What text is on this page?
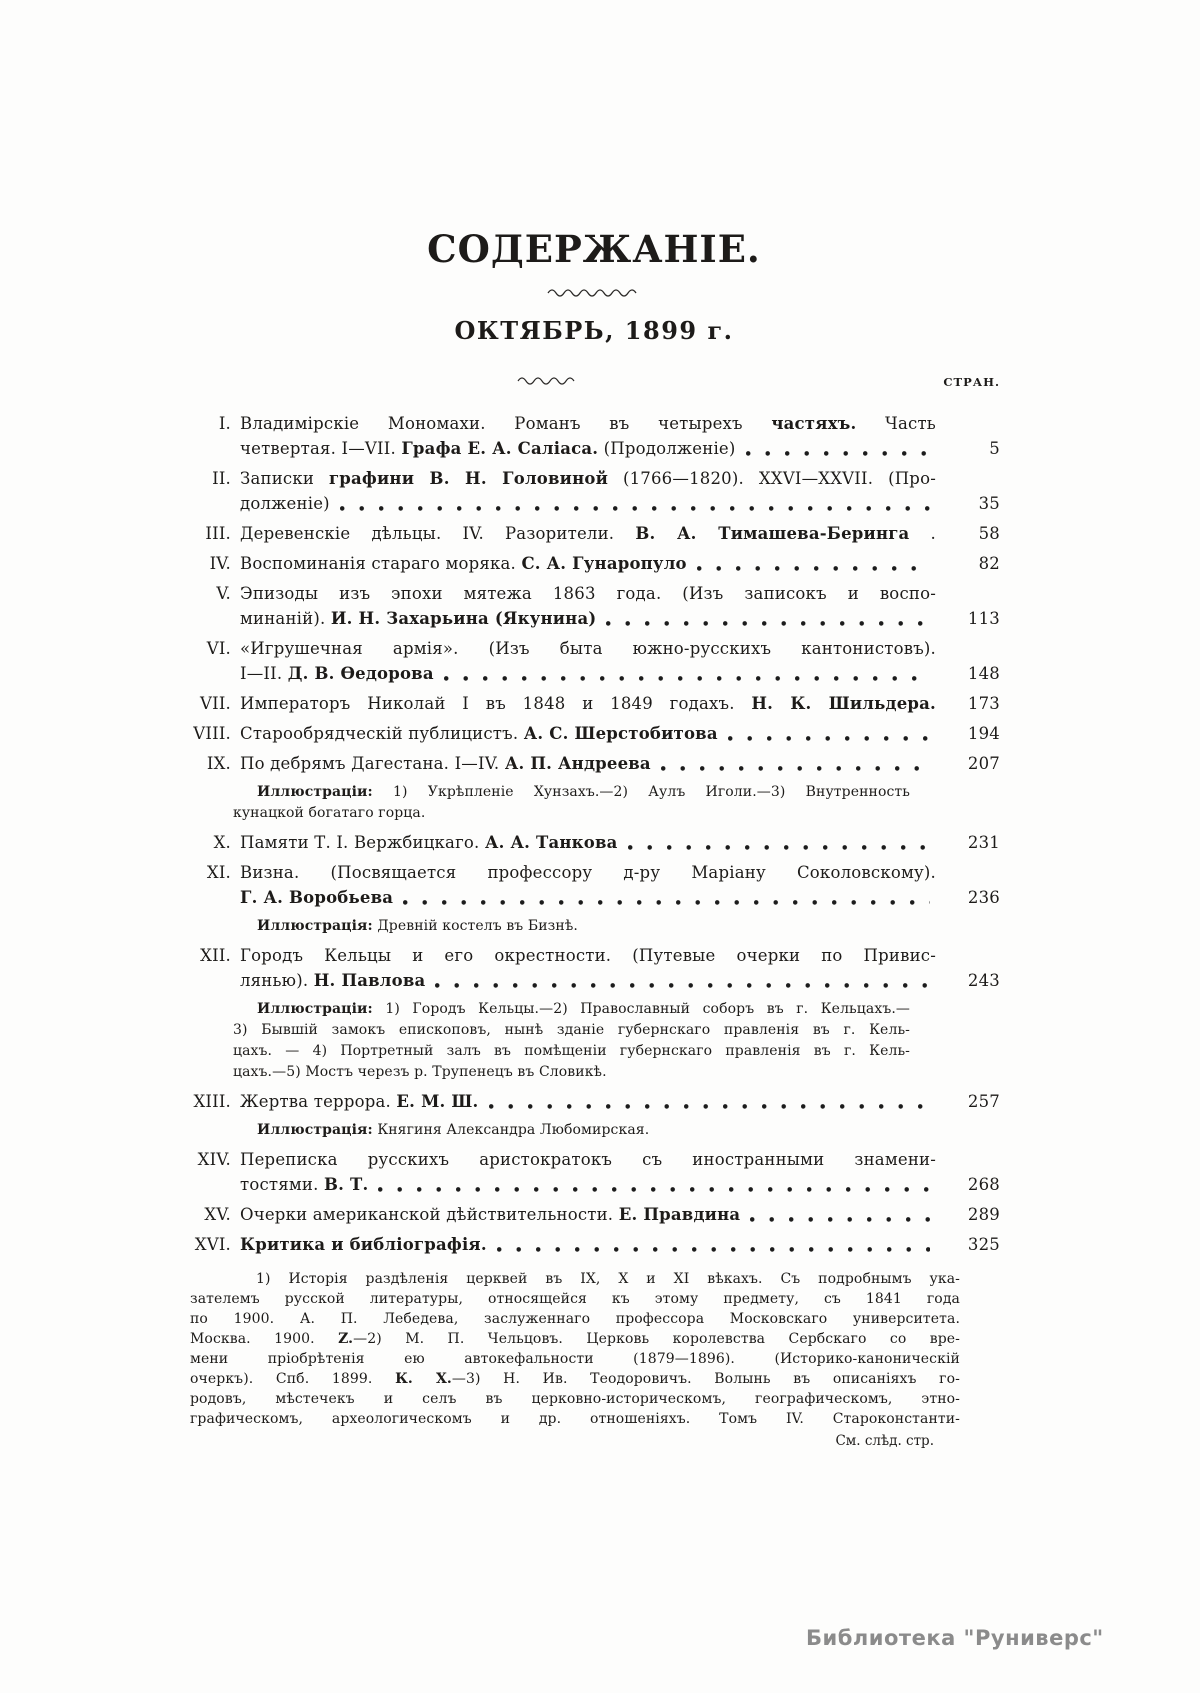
СОДЕРЖАНІЕ.
ОКТЯБРЬ, 1899 г.
СТРАН.
I. Владимірскіе Мономахи. Романъ въ четырехъ частяхъ. Часть
четвертая. I—VII. Графа Е. А. Саліаса. (Продолженіе)	5
II. Записки графини В. Н. Головиной (1766—1820). XXVI—XXVII. (Про-
долженіе)	35
III. Деревенскіе дѣльцы. IV. Разорители. В. А. Тимашева-Беринга .	58
IV. Воспоминанія стараго моряка. С. А. Гунаропуло	82
V. Эпизоды изъ эпохи мятежа 1863 года. (Изъ записокъ и воспо-
минаній). И. Н. Захарьина (Якунина)	113
VI. «Игрушечная армія». (Изъ быта южно-русскихъ кантонистовъ).
I—II. Д. В. Ѳедорова	148
VII. Императоръ Николай I въ 1848 и 1849 годахъ. Н. К. Шильдера.	173
VIII. Старообрядческій публицистъ. А. С. Шерстобитова	194
IX. По дебрямъ Дагестана. I—IV. А. П. Андреева	207
Иллюстраціи: 1) Укрѣпленіе Хунзахъ.—2) Аулъ Иголи.—3) Внутренность
кунацкой богатаго горца.
X. Памяти Т. І. Вержбицкаго. А. А. Танкова	231
XI. Визна. (Посвящается профессору д-ру Маріану Соколовскому).
Г. А. Воробьева	236
Иллюстрація: Древній костелъ въ Бизнѣ.
XII. Городъ Кельцы и его окрестности. (Путевые очерки по Привис-
лянью). Н. Павлова	243
Иллюстраціи: 1) Городъ Кельцы.—2) Православный соборъ въ г. Кельцахъ.—
3) Бывшій замокъ епископовъ, нынѣ зданіе губернскаго правленія въ г. Кель-
цахъ. — 4) Портретный залъ въ помѣщеніи губернскаго правленія въ г. Кель-
цахъ.—5) Мостъ черезъ р. Трупенецъ въ Словикѣ.
XIII. Жертва террора. Е. М. Ш.	257
Иллюстрація: Княгиня Александра Любомирская.
XIV. Переписка русскихъ аристократокъ съ иностранными знамени-
тостями. В. Т.	268
XV. Очерки американской дѣйствительности. Е. Правдина	289
XVI. Критика и библіографія.	325
1) Исторія раздѣленія церквей въ IX, X и XI вѣкахъ. Съ подробнымъ ука-
зателемъ русской литературы, относящейся къ этому предмету, съ 1841 года
по 1900. А. П. Лебедева, заслуженнаго профессора Московскаго университета.
Москва. 1900. Z.—2) М. П. Чельцовъ. Церковь королевства Сербскаго со вре-
мени пріобрѣтенія ею автокефальности (1879—1896). (Историко-каноническій
очеркъ). Спб. 1899. К. Х.—3) Н. Ив. Теодоровичъ. Волынь въ описаніяхъ го-
родовъ, мѣстечекъ и селъ въ церковно-историческомъ, географическомъ, этно-
графическомъ, археологическомъ и др. отношеніяхъ. Томъ IV. Староконстанти-
См. слѣд. стр.
Библиотека "Руниверс"
